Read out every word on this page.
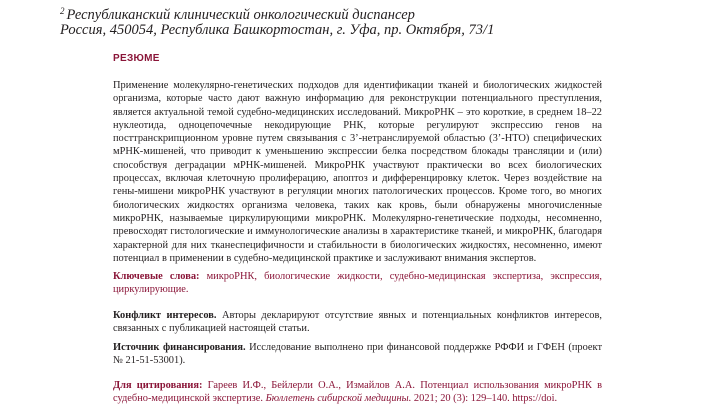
$^2$ Республиканский клинический онкологический диспансер
Россия, 450054, Республика Башкортостан, г. Уфа, пр. Октября, 73/1
РЕЗЮМЕ
Применение молекулярно-генетических подходов для идентификации тканей и биологических жидкостей организма, которые часто дают важную информацию для реконструкции потенциального преступления, является актуальной темой судебно-медицинских исследований. МикроРНК – это короткие, в среднем 18–22 нуклеотида, одноцепочечные некодирующие РНК, которые регулируют экспрессию генов на посттранскрипционном уровне путем связывания с 3’-нетранслируемой областью (3’-НТО) специфических мРНК-мишеней, что приводит к уменьшению экспрессии белка посредством блокады трансляции и (или) способствуя деградации мРНК-мишеней. МикроРНК участвуют практически во всех биологических процессах, включая клеточную пролиферацию, апоптоз и дифференцировку клеток. Через воздействие на гены-мишени микроРНК участвуют в регуляции многих патологических процессов. Кроме того, во многих биологических жидкостях организма человека, таких как кровь, были обнаружены многочисленные микроРНК, называемые циркулирующими микроРНК. Молекулярно-генетические подходы, несомненно, превосходят гистологические и иммунологические анализы в характеристике тканей, и микроРНК, благодаря характерной для них тканеспецифичности и стабильности в биологических жидкостях, несомненно, имеют потенциал в применении в судебно-медицинской практике и заслуживают внимания экспертов.
Ключевые слова: микроРНК, биологические жидкости, судебно-медицинская экспертиза, экспрессия, циркулирующие.
Конфликт интересов. Авторы декларируют отсутствие явных и потенциальных конфликтов интересов, связанных с публикацией настоящей статьи.
Источник финансирования. Исследование выполнено при финансовой поддержке РФФИ и ГФЕН (проект № 21-51-53001).
Для цитирования: Гареев И.Ф., Бейлерли О.А., Измайлов А.А. Потенциал использования микроРНК в судебно-медицинской экспертизе. Бюллетень сибирской медицины. 2021; 20 (3): 129–140. https://doi.
